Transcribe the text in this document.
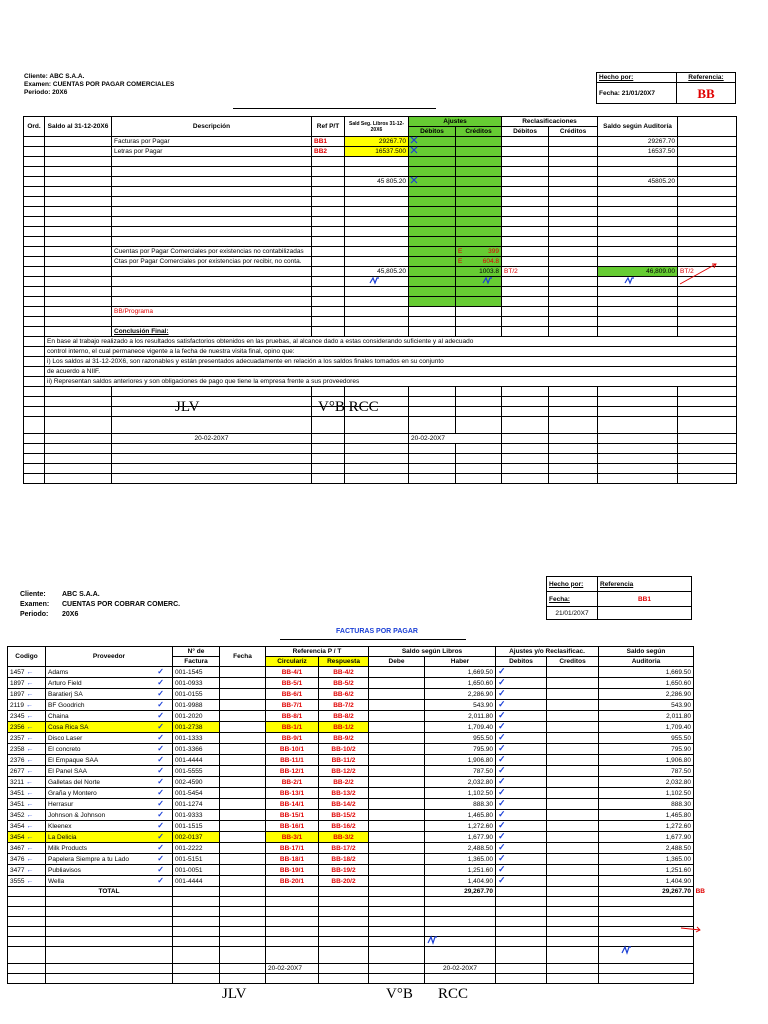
Cliente: ABC S.A.A.
Examen: CUENTAS POR PAGAR COMERCIALES
Periodo: 20X6
Hecho por:	Referencia:
Fecha: 21/01/20X7	BB
Ord.	Saldo al 31-12-20X6	Descripción	Ref P/T	Sald Seg. Libros 31-12-20X6	Ajustes		Reclasificaciones		Saldo según Auditoría	
					Débitos	Créditos	Débitos	Créditos		
		Facturas por Pagar	BB1	29267.70					29267.70	
		Letras por Pagar	BB2	16537.500					16537.50	

				45 805.20					45805.20	

		Cuentas por Pagar Comerciales por existencias no contabilizadas				E 399				

		Ctas por Pagar Comerciales por existencias por recibir, no conta.				E 604.8				

				45,805.20		1003.8	BT/2		46,809.00	BT/2

		BB/Programa								

		Conclusión Final:								
	En base al trabajo realizado a los resultados satisfactorios obtenidos en las pruebas, al alcance dado a estas considerando suficiente y al adecuado									
	control interno, el cual permanece vigente a la fecha de nuestra visita final, opino que:									
	i) Los saldos al 31-12-20X6, son razonables y están presentados adecuadamente en relación a los saldos finales tomados en su conjunto									
	de acuerdo a NIIF.									
	ii) Representan saldos anteriores y son obligaciones de pago que tiene la empresa frente a sus proveedores									

		20-02-20X7			20-02-20X7					

JLV	V°B RCC
Cliente: ABC S.A.A.
Examen: CUENTAS POR COBRAR COMERC.
Periodo: 20X6
Hecho por:	Referencia
Fecha:	BB1
21/01/20X7	
FACTURAS POR PAGAR
Codigo	Proveedor	N° de	Fecha	Referencia P / T		Saldo según Libros		Ajustes y/o Reclasificac.		Saldo según
		Factura		Circulariz	Respuesta	Debe	Haber	Debitos	Creditos	Auditoria
1457 ←	Adams ✓	001-1545		BB-4/1	BB-4/2		1,669.50	✓		1,669.50
1897 ←	Arturo Field ✓	001-0933		BB-5/1	BB-5/2		1,650.60	✓		1,650.60
1897 ←	Baratierj SA ✓	001-0155		BB-6/1	BB-6/2		2,286.90	✓		2,286.90
2119 ←	BF Goodrich ✓	001-9988		BB-7/1	BB-7/2		543.90	✓		543.90
2345 ←	Chaina ✓	001-2020		BB-8/1	BB-8/2		2,011.80	✓		2,011.80
2356 ←	Cosa Rica SA ✓	001-2738		BB-1/1	BB-1/2		1,709.40	✓		1,709.40
2357 ←	Disco Laser ✓	001-1333		BB-9/1	BB-9/2		955.50	✓		955.50
2358 ←	El concreto ✓	001-3366		BB-10/1	BB-10/2		795.90	✓		795.90
2376 ←	El Empaque SAA ✓	001-4444		BB-11/1	BB-11/2		1,906.80	✓		1,906.80
2677 ←	El Panel SAA ✓	001-5555		BB-12/1	BB-12/2		787.50	✓		787.50
3211 ←	Galletas del Norte ✓	002-4590		BB-2/1	BB-2/2		2,032.80	✓		2,032.80
3451 ←	Graña y Montero ✓	001-5454		BB-13/1	BB-13/2		1,102.50	✓		1,102.50
3451 ←	Herrasur ✓	001-1274		BB-14/1	BB-14/2		888.30	✓		888.30
3452 ←	Johnson & Johnson ✓	001-9333		BB-15/1	BB-15/2		1,465.80	✓		1,465.80
3454 ←	Kleenex ✓	001-1515		BB-16/1	BB-16/2		1,272.60	✓		1,272.60
3454 ←	La Delicia ✓	002-0137		BB-3/1	BB-3/2		1,677.90	✓		1,677.90
3467 ←	Milk Products ✓	001-2222		BB-17/1	BB-17/2		2,488.50	✓		2,488.50
3476 ←	Papelera Siempre a tu Lado ✓	001-5151		BB-18/1	BB-18/2		1,365.00	✓		1,365.00
3477 ←	Publiavisos ✓	001-0051		BB-19/1	BB-19/2		1,251.60	✓		1,251.60
3555 ←	Wella ✓	001-4444		BB-20/1	BB-20/2		1,404.90	✓		1,404.90
	TOTAL						29,267.70			29,267.70 BB

				20-02-20X7			20-02-20X7			

JLV	V°B RCC
